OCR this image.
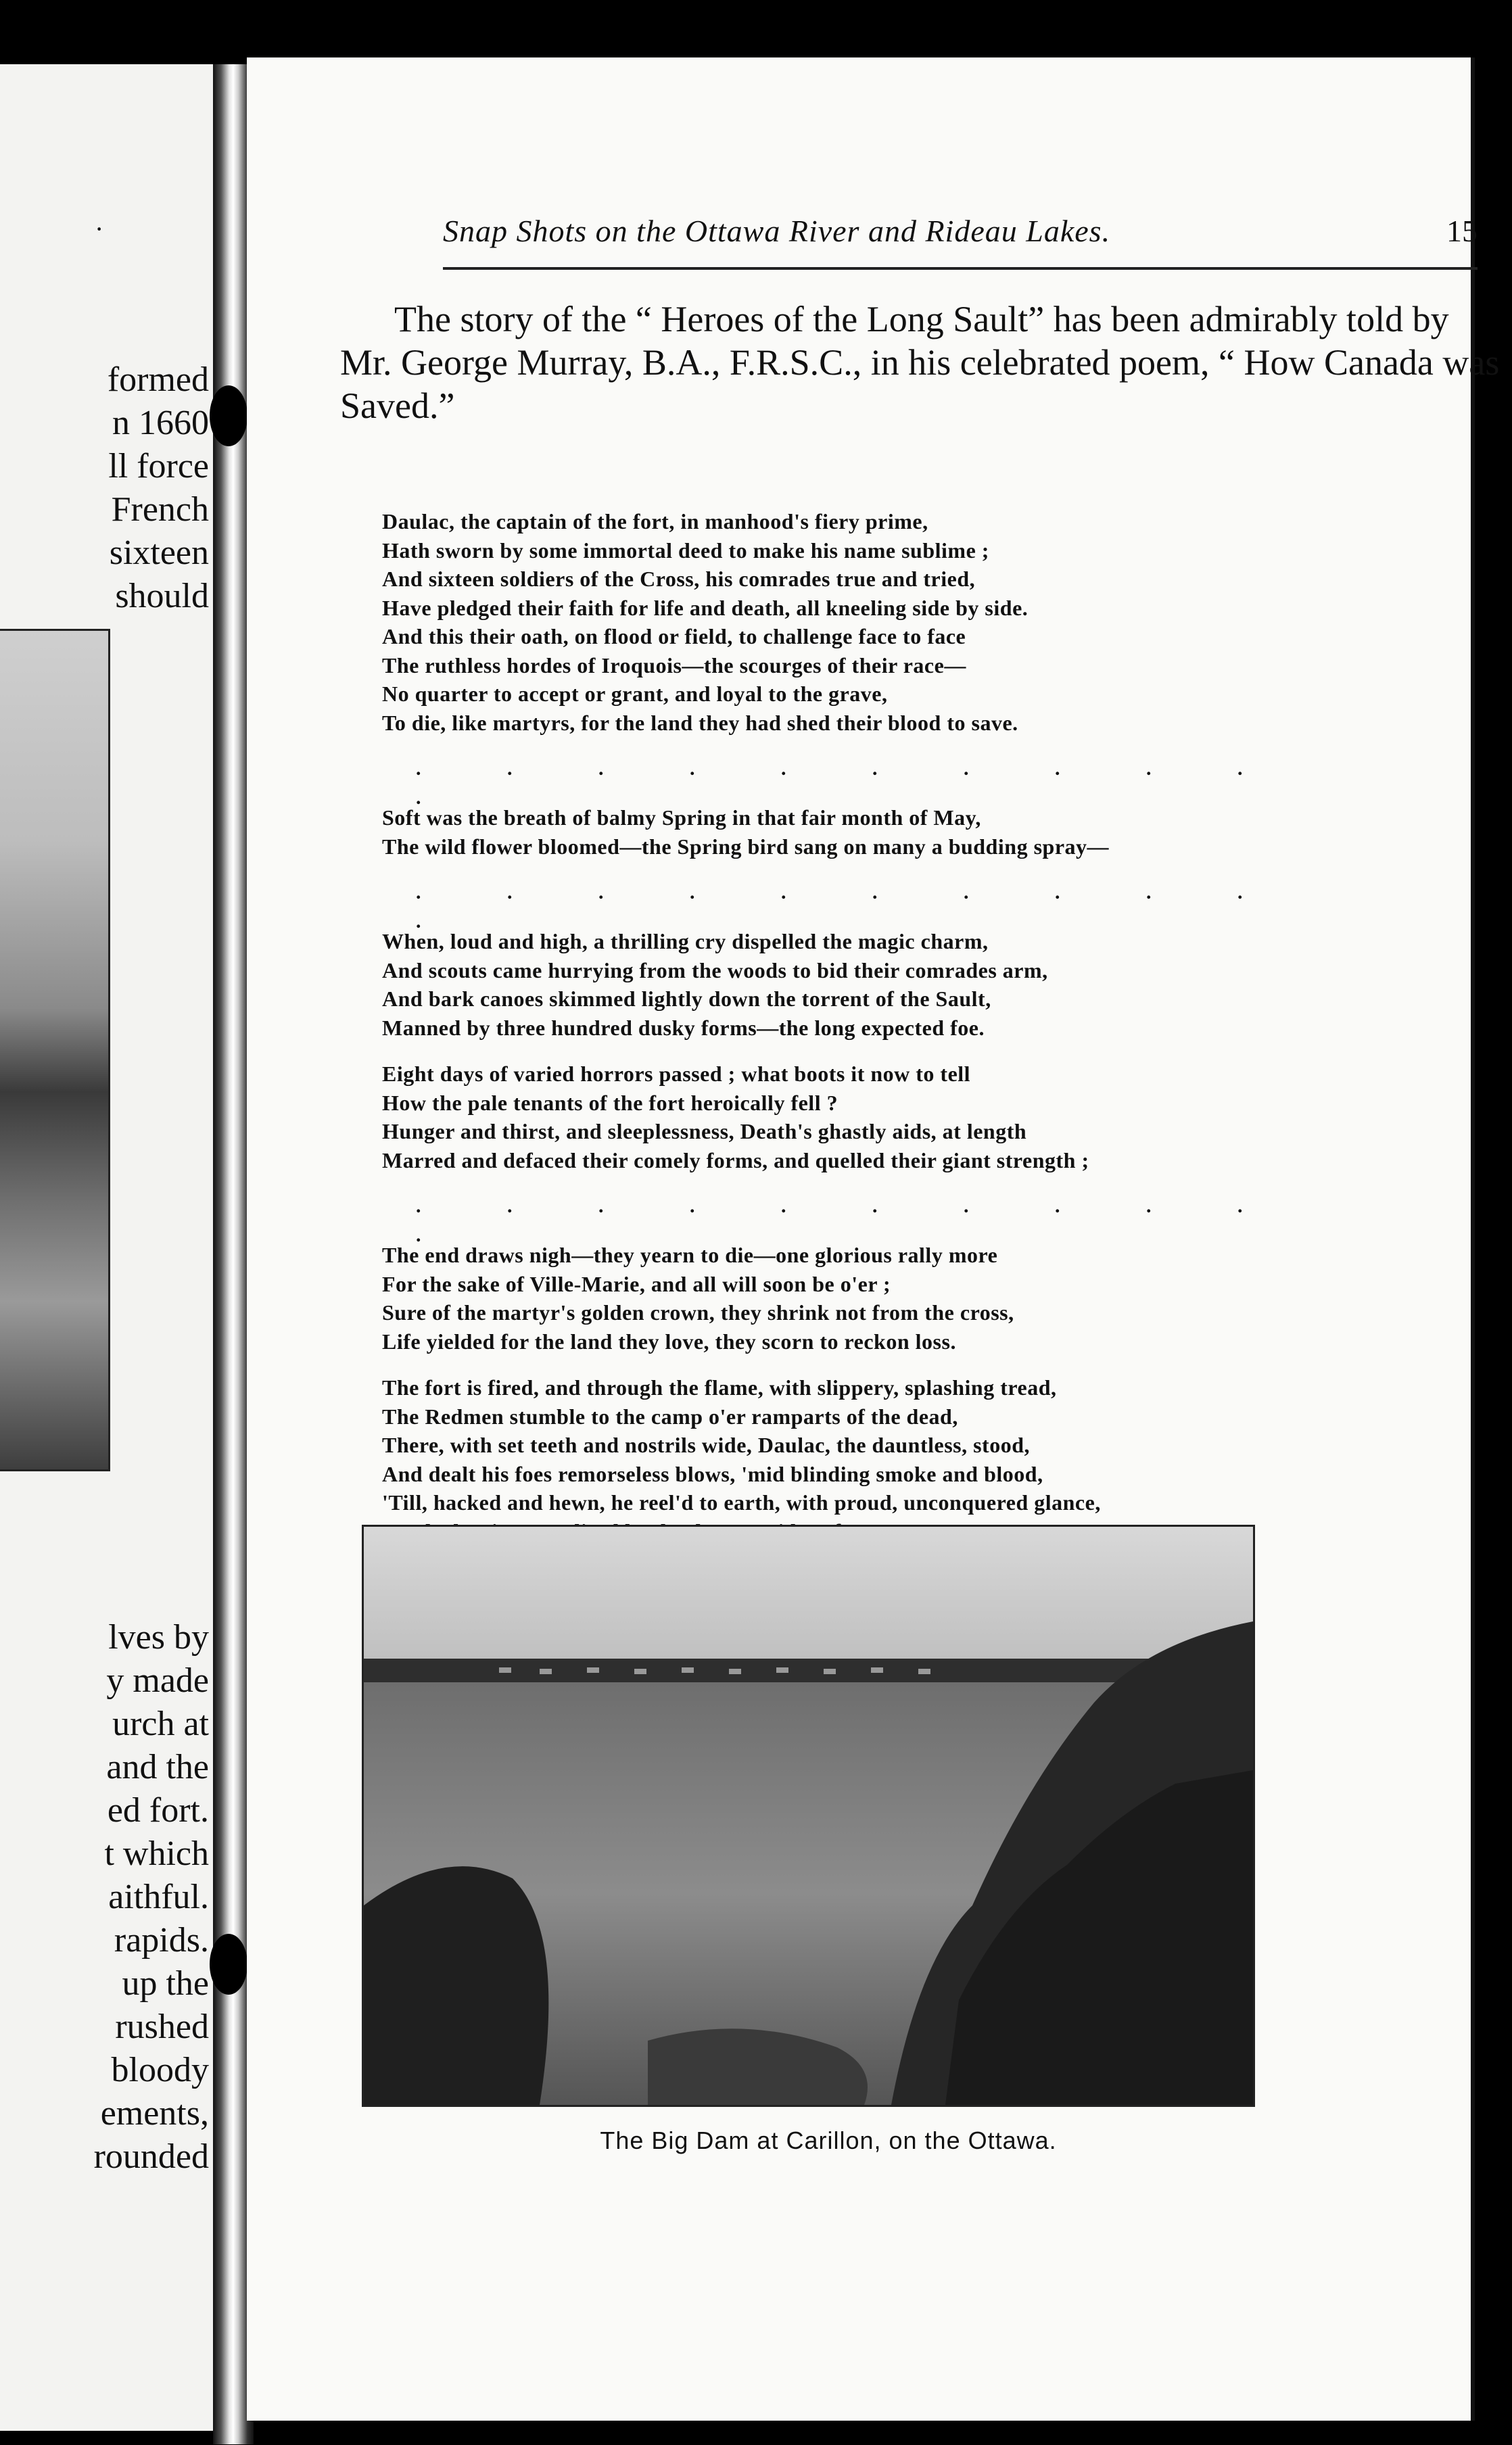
·
formed
n 1660
ll force
French
sixteen
should
lves by
y made
urch at
and the
ed fort.
t which
aithful.
rapids.
up the
rushed
bloody
ements,
rounded
Snap Shots on the Ottawa River and Rideau Lakes.	15

The story of the “ Heroes of the Long Sault” has been admirably told by Mr. George Murray, B.A., F.R.S.C., in his celebrated poem, “ How Canada was Saved.”

Daulac, the captain of the fort, in manhood's fiery prime,
Hath sworn by some immortal deed to make his name sublime ;
And sixteen soldiers of the Cross, his comrades true and tried,
Have pledged their faith for life and death, all kneeling side by side.
And this their oath, on flood or field, to challenge face to face
The ruthless hordes of Iroquois—the scourges of their race—
No quarter to accept or grant, and loyal to the grave,
To die, like martyrs, for the land they had shed their blood to save.
. . . . . . . . . . .
Soft was the breath of balmy Spring in that fair month of May,
The wild flower bloomed—the Spring bird sang on many a budding spray—
. . . . . . . . . . .
When, loud and high, a thrilling cry dispelled the magic charm,
And scouts came hurrying from the woods to bid their comrades arm,
And bark canoes skimmed lightly down the torrent of the Sault,
Manned by three hundred dusky forms—the long expected foe.
Eight days of varied horrors passed ; what boots it now to tell
How the pale tenants of the fort heroically fell ?
Hunger and thirst, and sleeplessness, Death's ghastly aids, at length
Marred and defaced their comely forms, and quelled their giant strength ;
. . . . . . . . . . .
The end draws nigh—they yearn to die—one glorious rally more
For the sake of Ville-Marie, and all will soon be o'er ;
Sure of the martyr's golden crown, they shrink not from the cross,
Life yielded for the land they love, they scorn to reckon loss.
The fort is fired, and through the flame, with slippery, splashing tread,
The Redmen stumble to the camp o'er ramparts of the dead,
There, with set teeth and nostrils wide, Daulac, the dauntless, stood,
And dealt his foes remorseless blows, 'mid blinding smoke and blood,
'Till, hacked and hewn, he reel'd to earth, with proud, unconquered glance,
The Big Dam at Carillon, on the Ottawa.
